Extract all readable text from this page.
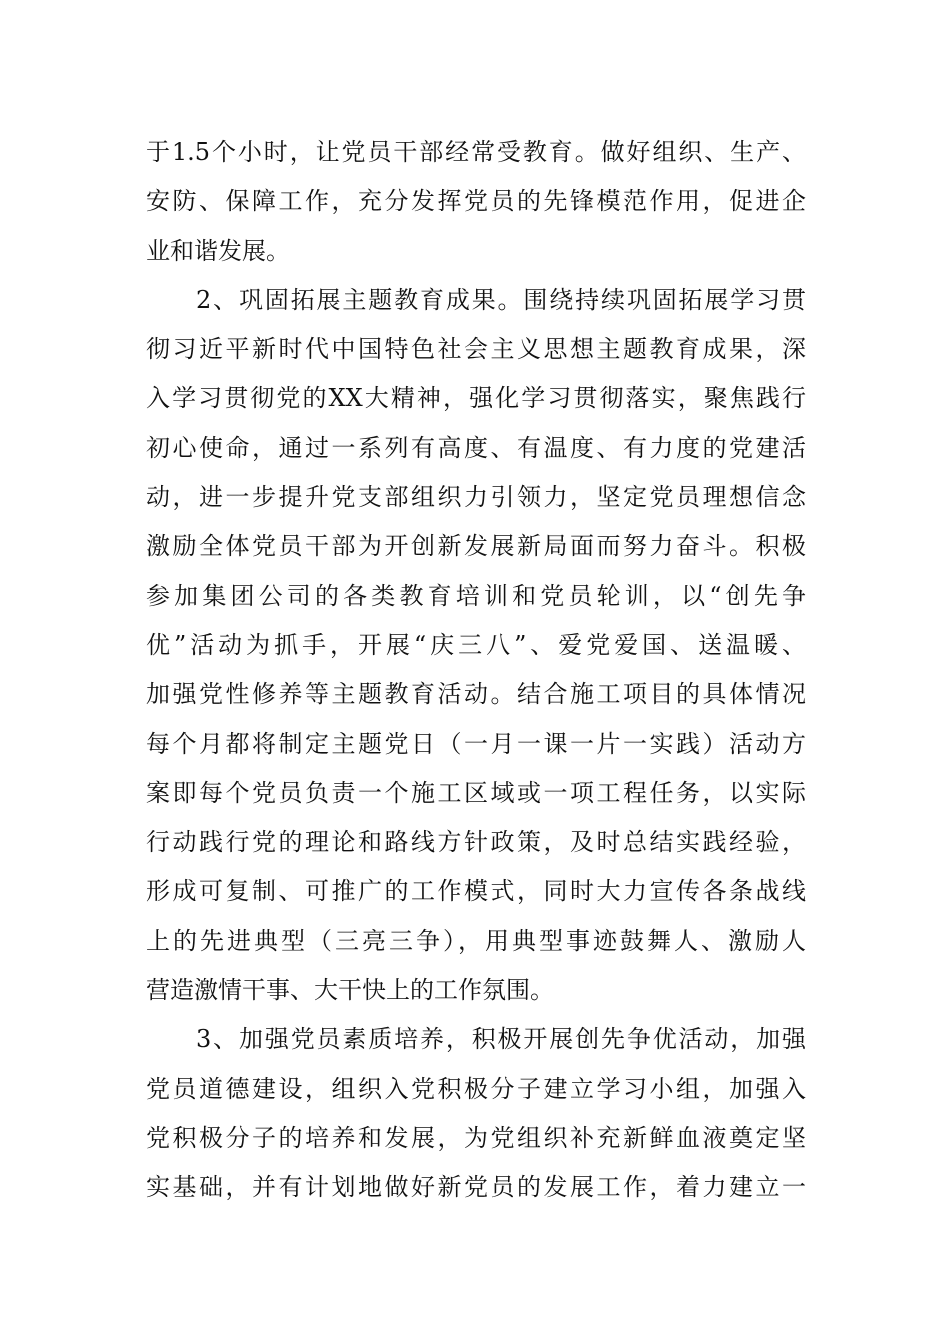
于1.5个小时，让党员干部经常受教育。做好组织、生产、
安防、保障工作，充分发挥党员的先锋模范作用，促进企
业和谐发展。
2、巩固拓展主题教育成果。围绕持续巩固拓展学习贯
彻习近平新时代中国特色社会主义思想主题教育成果，深
入学习贯彻党的XX大精神，强化学习贯彻落实，聚焦践行
初心使命，通过一系列有高度、有温度、有力度的党建活
动，进一步提升党支部组织力引领力，坚定党员理想信念
激励全体党员干部为开创新发展新局面而努力奋斗。积极
参加集团公司的各类教育培训和党员轮训，以“创先争
优”活动为抓手，开展“庆三八”、爱党爱国、送温暖、
加强党性修养等主题教育活动。结合施工项目的具体情况
每个月都将制定主题党日（一月一课一片一实践）活动方
案即每个党员负责一个施工区域或一项工程任务，以实际
行动践行党的理论和路线方针政策，及时总结实践经验，
形成可复制、可推广的工作模式，同时大力宣传各条战线
上的先进典型（三亮三争），用典型事迹鼓舞人、激励人
营造激情干事、大干快上的工作氛围。
3、加强党员素质培养，积极开展创先争优活动，加强
党员道德建设，组织入党积极分子建立学习小组，加强入
党积极分子的培养和发展，为党组织补充新鲜血液奠定坚
实基础，并有计划地做好新党员的发展工作，着力建立一
